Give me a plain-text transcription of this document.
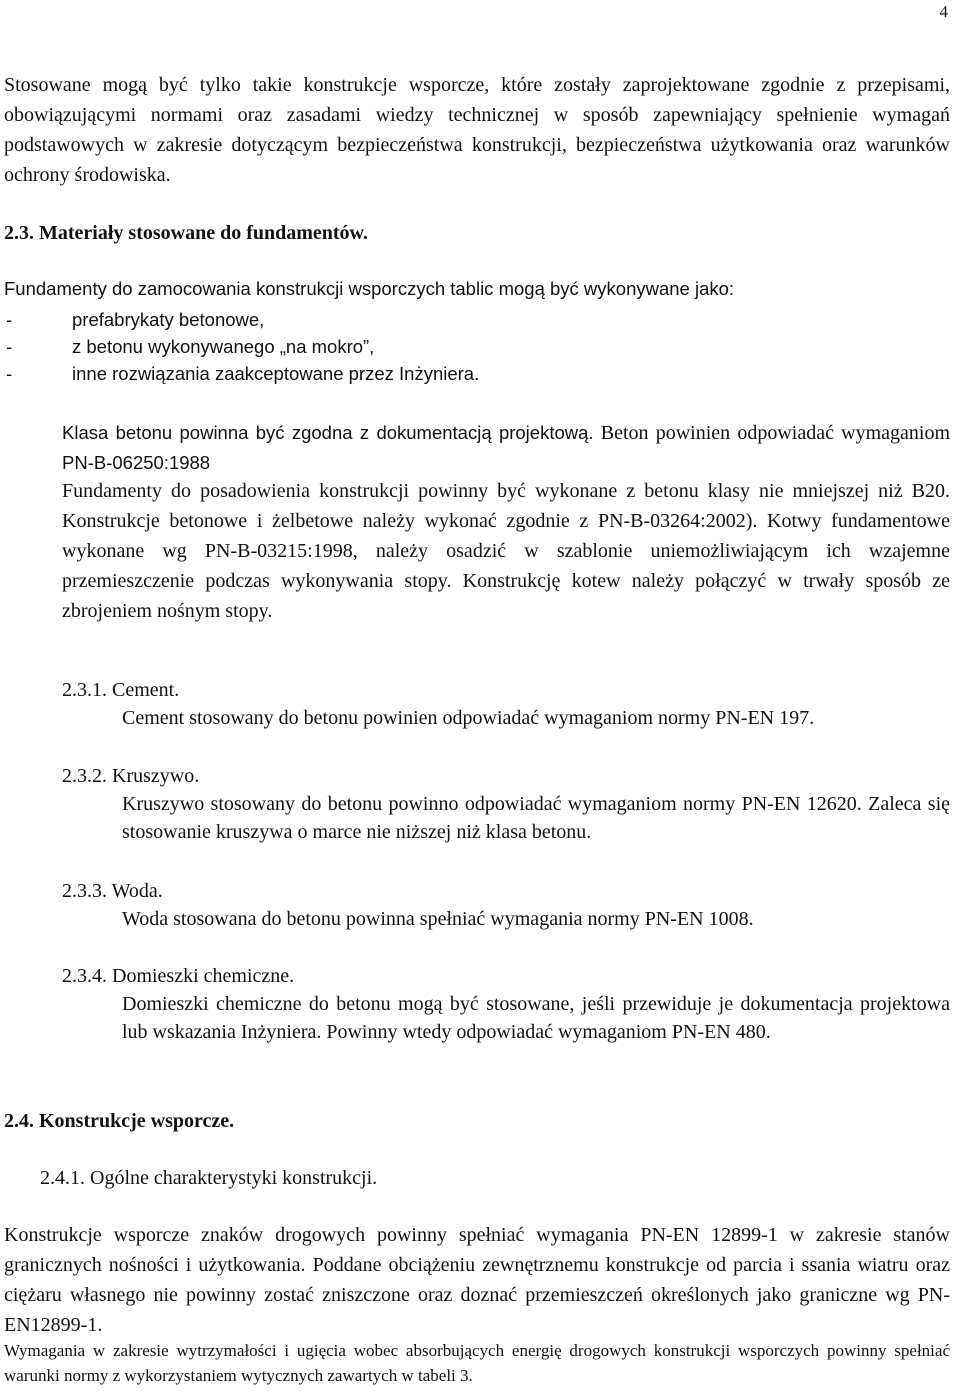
4

Stosowane mogą być tylko takie konstrukcje wsporcze, które zostały zaprojektowane zgodnie z przepisami, obowiązującymi normami oraz zasadami wiedzy technicznej w sposób zapewniający spełnienie wymagań podstawowych w zakresie dotyczącym bezpieczeństwa konstrukcji, bezpieczeństwa użytkowania oraz warunków ochrony środowiska.

2.3. Materiały stosowane do fundamentów.

Fundamenty do zamocowania konstrukcji wsporczych tablic mogą być wykonywane jako:

-	prefabrykaty betonowe,
-	z betonu wykonywanego „na mokro”,
-	inne rozwiązania zaakceptowane przez Inżyniera.

Klasa betonu powinna być zgodna z dokumentacją projektową. Beton powinien odpowiadać wymaganiom PN-B-06250:1988

Fundamenty do posadowienia konstrukcji powinny być wykonane z betonu klasy nie mniejszej niż B20. Konstrukcje betonowe i żelbetowe należy wykonać zgodnie z PN-B-03264:2002). Kotwy fundamentowe wykonane wg PN-B-03215:1998, należy osadzić w szablonie uniemożliwiającym ich wzajemne przemieszczenie podczas wykonywania stopy. Konstrukcję kotew należy połączyć w trwały sposób ze zbrojeniem nośnym stopy.

2.3.1. Cement.
Cement stosowany do betonu powinien odpowiadać wymaganiom normy PN-EN 197.
2.3.2. Kruszywo.
Kruszywo stosowany do betonu powinno odpowiadać wymaganiom normy PN-EN 12620. Zaleca się stosowanie kruszywa o marce nie niższej niż klasa betonu.
2.3.3. Woda.
Woda stosowana do betonu powinna spełniać wymagania normy PN-EN 1008.
2.3.4. Domieszki chemiczne.
Domieszki chemiczne do betonu mogą być stosowane, jeśli przewiduje je dokumentacja projektowa lub wskazania Inżyniera. Powinny wtedy odpowiadać wymaganiom PN-EN 480.

2.4. Konstrukcje wsporcze.

2.4.1. Ogólne charakterystyki konstrukcji.

Konstrukcje wsporcze znaków drogowych powinny spełniać wymagania PN-EN 12899-1 w zakresie stanów granicznych nośności i użytkowania. Poddane obciążeniu zewnętrznemu konstrukcje od parcia i ssania wiatru oraz ciężaru własnego nie powinny zostać zniszczone oraz doznać przemieszczeń określonych jako graniczne wg PN-EN12899-1.

Wymagania w zakresie wytrzymałości i ugięcia wobec absorbujących energię drogowych konstrukcji wsporczych powinny spełniać warunki normy z wykorzystaniem wytycznych zawartych w tabeli 3.
